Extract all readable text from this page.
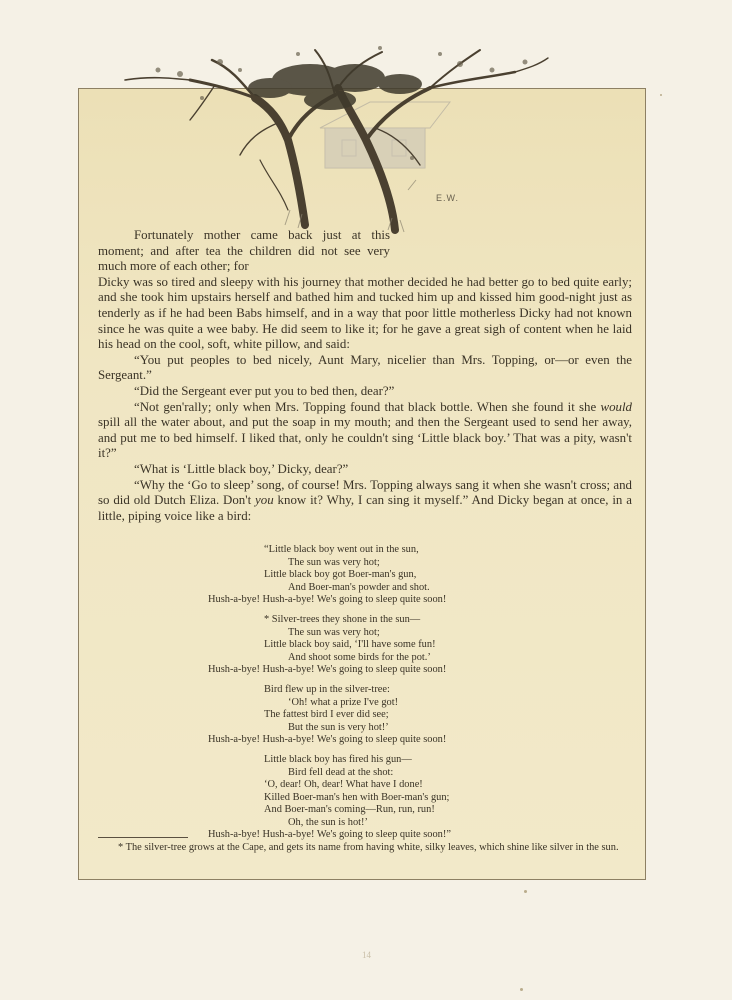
E.W.
Fortunately mother came back just at this moment; and after tea the children did not see very much more of each other; for

Dicky was so tired and sleepy with his journey that mother decided he had better go to bed quite early; and she took him upstairs herself and bathed him and tucked him up and kissed him good-night just as tenderly as if he had been Babs himself, and in a way that poor little motherless Dicky had not known since he was quite a wee baby. He did seem to like it; for he gave a great sigh of content when he laid his head on the cool, soft, white pillow, and said:

“You put peoples to bed nicely, Aunt Mary, nicelier than Mrs. Topping, or—or even the Sergeant.”

“Did the Sergeant ever put you to bed then, dear?”

“Not gen'rally; only when Mrs. Topping found that black bottle. When she found it she would spill all the water about, and put the soap in my mouth; and then the Sergeant used to send her away, and put me to bed himself. I liked that, only he couldn't sing ‘Little black boy.’ That was a pity, wasn't it?”

“What is ‘Little black boy,’ Dicky, dear?”

“Why the ‘Go to sleep’ song, of course! Mrs. Topping always sang it when she wasn't cross; and so did old Dutch Eliza. Don't you know it? Why, I can sing it myself.” And Dicky began at once, in a little, piping voice like a bird:

“Little black boy went out in the sun,
The sun was very hot;
Little black boy got Boer-man's gun,
And Boer-man's powder and shot.
Hush-a-bye! Hush-a-bye! We's going to sleep quite soon!
* Silver-trees they shone in the sun—
The sun was very hot;
Little black boy said, ‘I'll have some fun!
And shoot some birds for the pot.’
Hush-a-bye! Hush-a-bye! We's going to sleep quite soon!
Bird flew up in the silver-tree:
‘Oh! what a prize I've got!
The fattest bird I ever did see;
But the sun is very hot!’
Hush-a-bye! Hush-a-bye! We's going to sleep quite soon!
Little black boy has fired his gun—
Bird fell dead at the shot:
‘O, dear! Oh, dear! What have I done!
Killed Boer-man's hen with Boer-man's gun;
And Boer-man's coming—Run, run, run!
Oh, the sun is hot!’
Hush-a-bye! Hush-a-bye! We's going to sleep quite soon!”
* The silver-tree grows at the Cape, and gets its name from having white, silky leaves, which shine like silver in the sun.
14
